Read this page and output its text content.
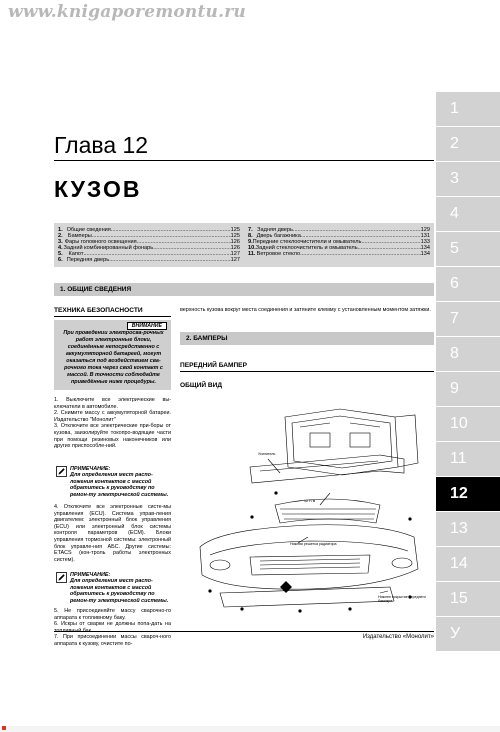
www.knigaporemontu.ru
Глава 12
КУЗОВ
1. Общие сведения .....	125
2. Бамперы .....	125
3. Фары головного освещения .....	126
4. Задний комбинированный фонарь .....	126
5.	Капот .....	127
6. Передняя дверь .....	127
7. Задняя дверь .....	129
8. Дверь багажника .....	131
9. Передние стеклоочистители и омыватель .....	133
10. Задний стеклоочиститель и омыватель .....	134
11. Ветровое стекло .....	134
1. ОБЩИЕ СВЕДЕНИЯ
ТЕХНИКА БЕЗОПАСНОСТИ
ВНИМАНИЕ
При проведении электросва-рочных работ электронные блоки, соединённые непосредственно с аккумуляторной батареей, могут оказаться под воздействием сва-рочного тока через свой контакт с массой. В точности соблюдайте приведённые ниже процедуры.
1. Выключите все электрические вы-ключатели в автомобиле.
2. Снимите массу с аккумуляторной батареи. Издательство "Монолит"
3. Отключите все электрические при-боры от кузова, заизолируйте токопро-водящие части при помощи резиновых наконечников или других приспособле-ний.
ПРИМЕЧАНИЕ:
Для определения мест распо-ложения контактов с массой обратитесь к руководству по ремон-ту электрической системы.
4. Отключите все электронные систе-мы управления (ECU). Система управ-ления двигателем: электронный блок управления (ECU) или электронный блок системы контроля параметров (ECM). Блоки управления тормозной системы: электронный блок управле-ния АБС. Другие системы: ETACS (кон-троль работы электронных систем).
ПРИМЕЧАНИЕ:
Для определения мест распо-ложения контактов с массой обратитесь к руководству по ремон-ту электрической системы.
5. Не присоединяйте массу сварочно-го аппарата к топливному баку.
6. Искры от сварки не должны попа-дать на
7. При присоединении массы свароч-ного аппарата к кузову, очистите по-
верхность кузова вокруг места соединения и затяните клемму с установленным моментом затяжки.
2. БАМПЕРЫ
ПЕРЕДНИЙ БАМПЕР
ОБЩИЙ ВИД
Усилитель
12 Н·м
Нижняя решетка радиатора
Нижнее покрытие переднего бампера
Издательство «Монолит»
1
2
3
4
5
6
7
8
9
10
11
12
13
14
15
У
